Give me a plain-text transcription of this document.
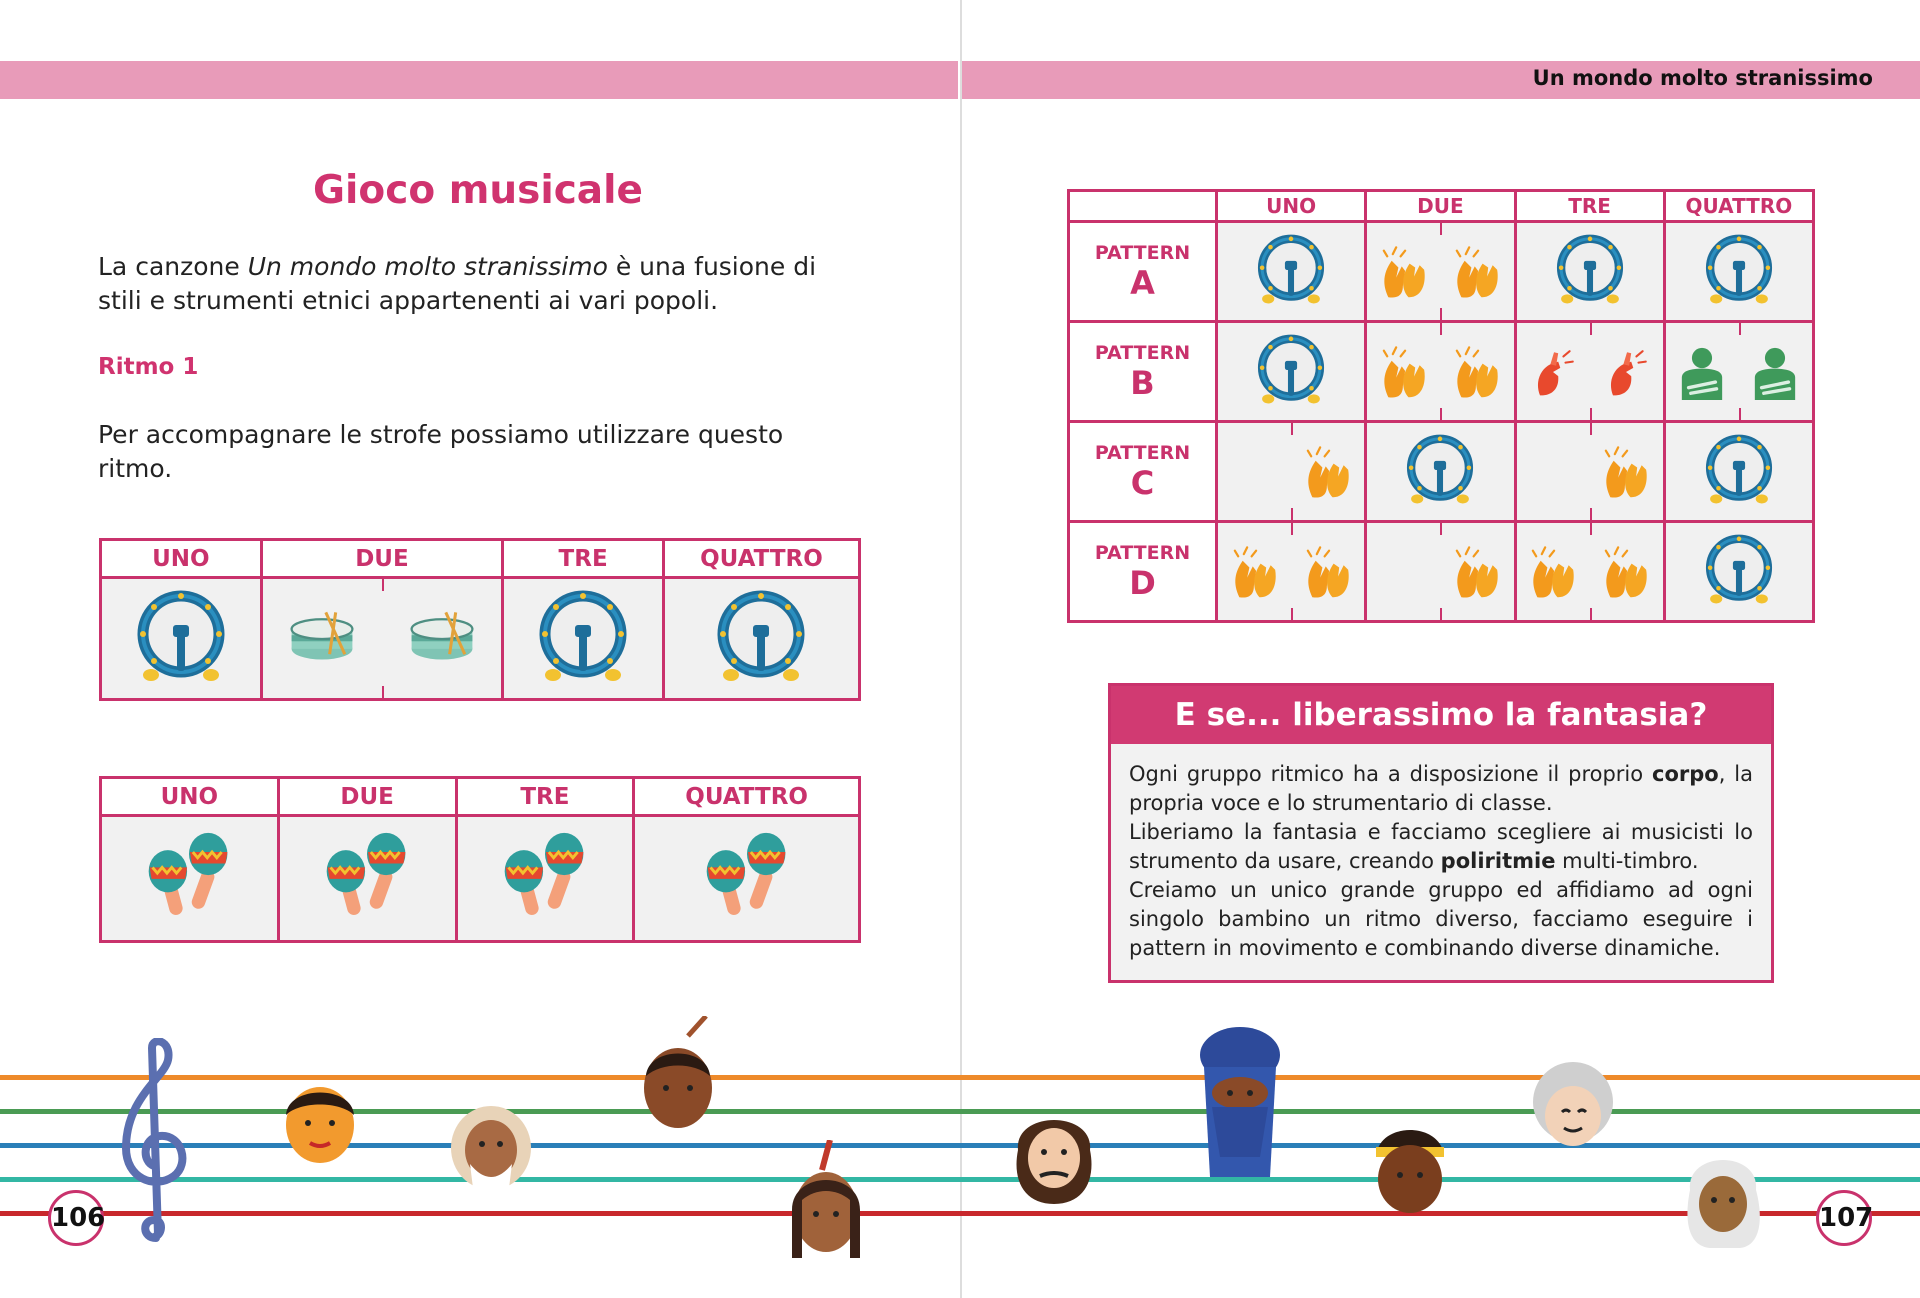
Un mondo molto stranissimo
Gioco musicale

La canzone Un mondo molto stranissimo è una fusione di stili e strumenti etnici appartenenti ai vari popoli.

Ritmo 1

Per accompagnare le strofe possiamo utilizzare questo ritmo.

UNO	DUE	TRE	QUATTRO

UNO	DUE	TRE	QUATTRO

	UNO	DUE	TRE	QUATTRO
PATTERN
A

PATTERN
B

PATTERN
C

PATTERN
D

E se... liberassimo la fantasia?
Ogni gruppo ritmico ha a disposizione il proprio corpo, la propria voce e lo strumentario di classe.
Liberiamo la fantasia e facciamo scegliere ai musicisti lo strumento da usare, creando poliritmie multi-timbro.
Creiamo un unico grande gruppo ed affidiamo ad ogni singolo bambino un ritmo diverso, facciamo eseguire i pattern in movimento e combinando diverse dinamiche.
106	107
